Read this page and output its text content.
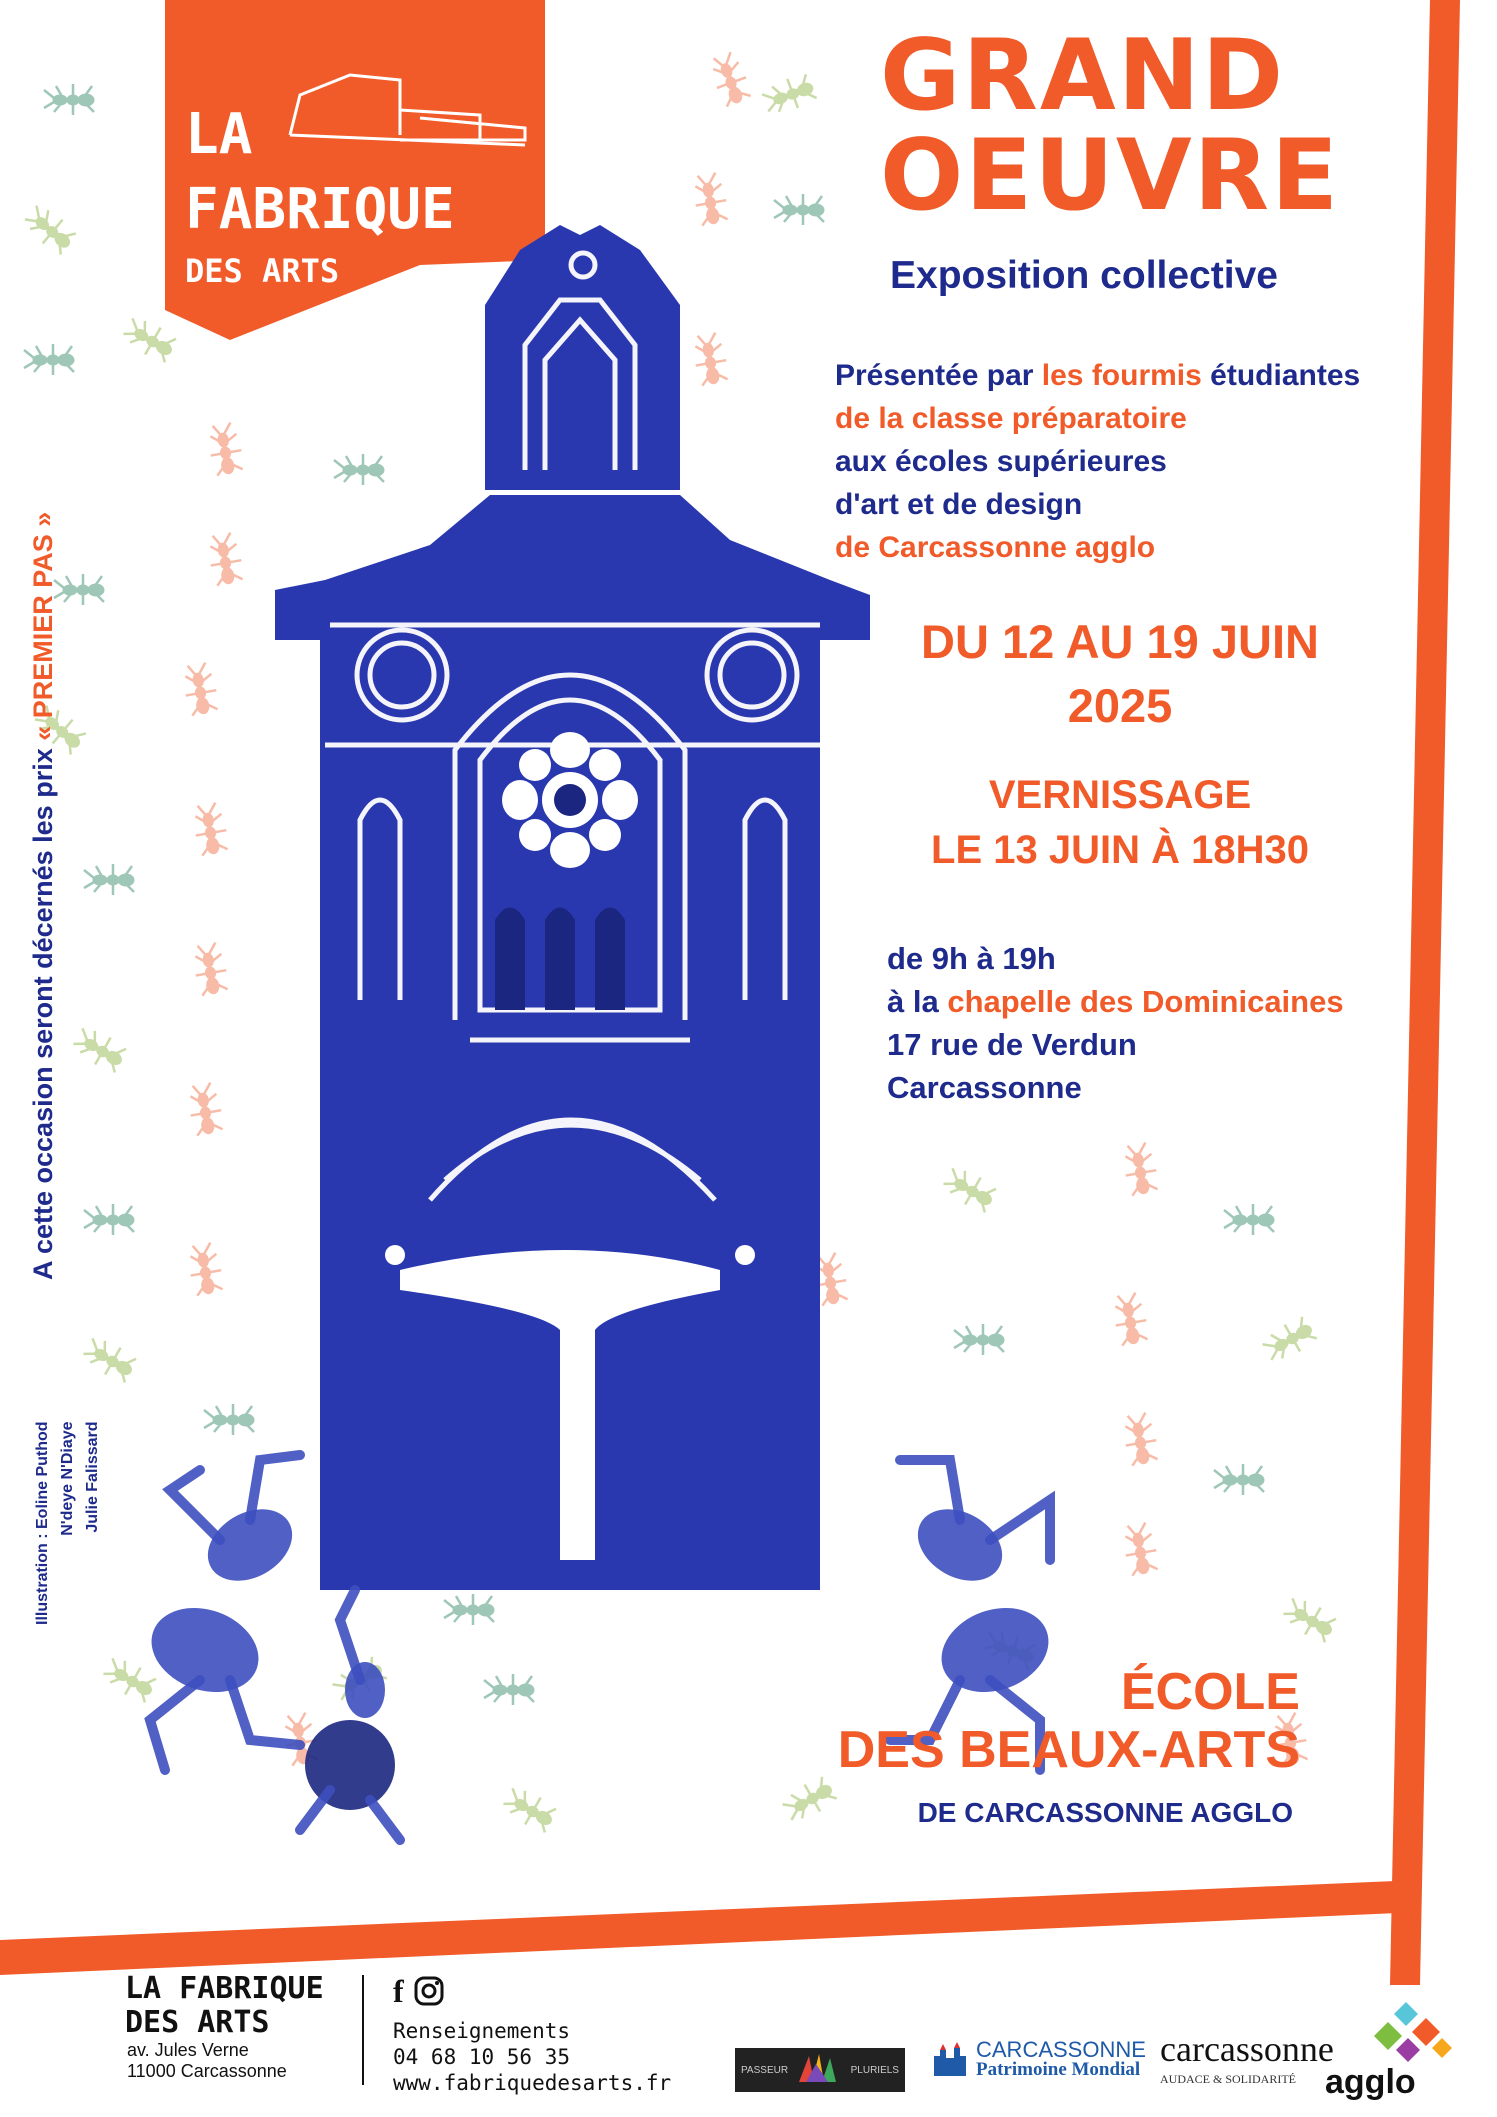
LA
FABRIQUE
DES ARTS
GRAND
OEUVRE
Exposition collective
Présentée par les fourmis étudiantes
de la classe préparatoire
aux écoles supérieures
d'art et de design
de Carcassonne agglo
DU 12 AU 19 JUIN
2025
VERNISSAGE
LE 13 JUIN À 18H30
de 9h à 19h
à la chapelle des Dominicaines
17 rue de Verdun
Carcassonne
ÉCOLE
DES BEAUX-ARTS
DE CARCASSONNE AGGLO
A cette occasion seront décernés les prix « PREMIER PAS »
Illustration : Eoline Puthod N'deye N'Diaye Julie Falissard
LA FABRIQUE
DES ARTS
av. Jules Verne
11000 Carcassonne
f
Renseignements
04 68 10 56 35
www.fabriquedesarts.fr
PASSEUR	PLURIELS
CARCASSONNE
Patrimoine Mondial
carcassonne
AUDACE & SOLIDARITÉ agglo
